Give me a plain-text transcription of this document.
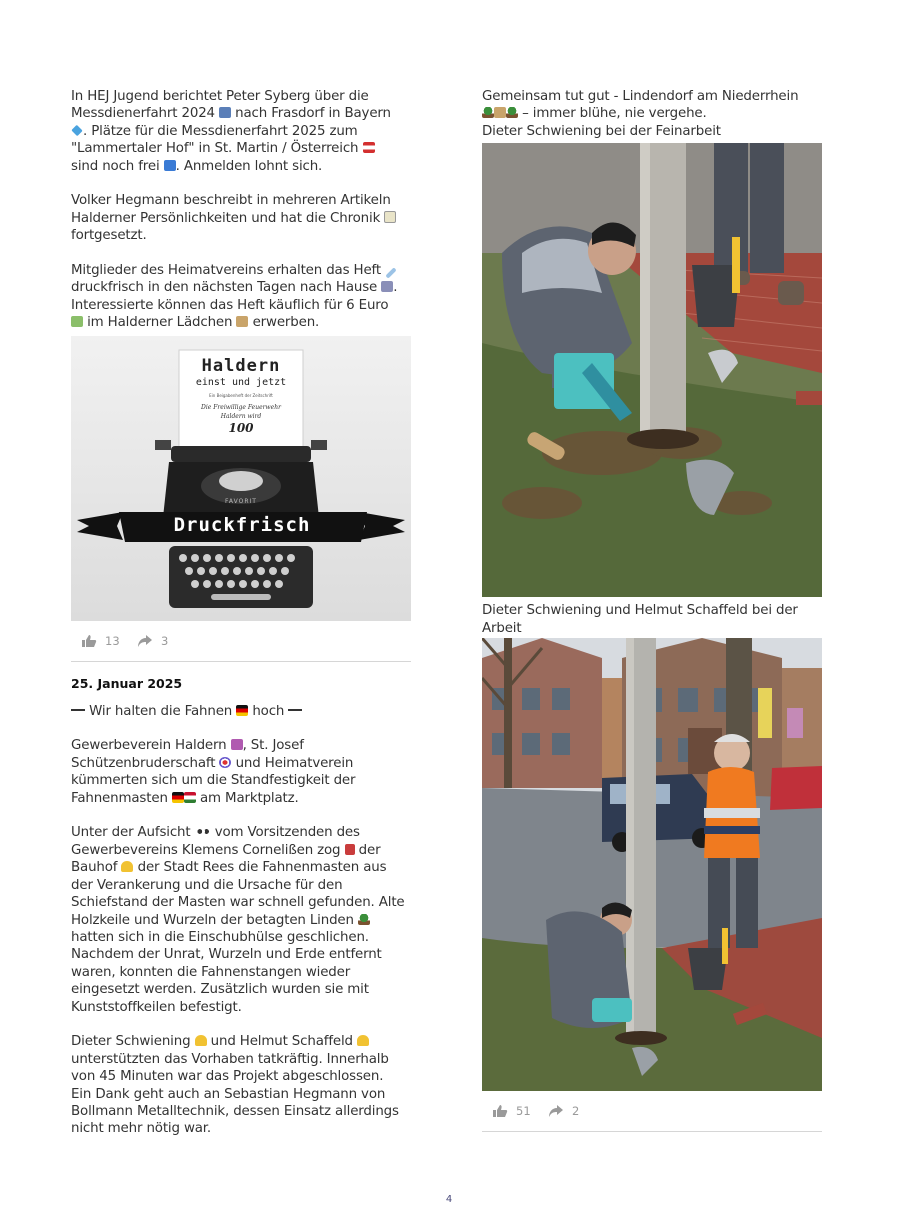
In HEJ Jugend berichtet Peter Syberg über die
Messdienerfahrt 2024 nach Frasdorf in Bayern
. Plätze für die Messdienerfahrt 2025 zum
"Lammertaler Hof" in St. Martin / Österreich
sind noch frei . Anmelden lohnt sich.

Volker Hegmann beschreibt in mehreren Artikeln
Halderner Persönlichkeiten und hat die Chronik
fortgesetzt.

Mitglieder des Heimatvereins erhalten das Heft
druckfrisch in den nächsten Tagen nach Hause .
Interessierte können das Heft käuflich für 6 Euro
im Halderner Lädchen erwerben.

Haldern
einst und jetzt
Ein Beigabenheft der Zeitschrift
Die Freiwillige Feuerwehr
Haldern wird
100
FAVORIT
Druckfrisch
13	3

25. Januar 2025

Wir halten die Fahnen hoch

Gewerbeverein Haldern , St. Josef
Schützenbruderschaft und Heimatverein
kümmerten sich um die Standfestigkeit der
Fahnenmasten am Marktplatz.

Unter der Aufsicht vom Vorsitzenden des
Gewerbevereins Klemens Cornelißen zog der
Bauhof der Stadt Rees die Fahnenmasten aus
der Verankerung und die Ursache für den
Schiefstand der Masten war schnell gefunden. Alte
Holzkeile und Wurzeln der betagten Linden
hatten sich in die Einschubhülse geschlichen.
Nachdem der Unrat, Wurzeln und Erde entfernt
waren, konnten die Fahnenstangen wieder
eingesetzt werden. Zusätzlich wurden sie mit
Kunststoffkeilen befestigt.

Dieter Schwiening und Helmut Schaffeld
unterstützten das Vorhaben tatkräftig. Innerhalb
von 45 Minuten war das Projekt abgeschlossen.
Ein Dank geht auch an Sebastian Hegmann von
Bollmann Metalltechnik, dessen Einsatz allerdings
nicht mehr nötig war.

Gemeinsam tut gut - Lindendorf am Niederrhein
– immer blühe, nie vergehe.
Dieter Schwiening bei der Feinarbeit

Dieter Schwiening und Helmut Schaffeld bei der
Arbeit

51	2
4
